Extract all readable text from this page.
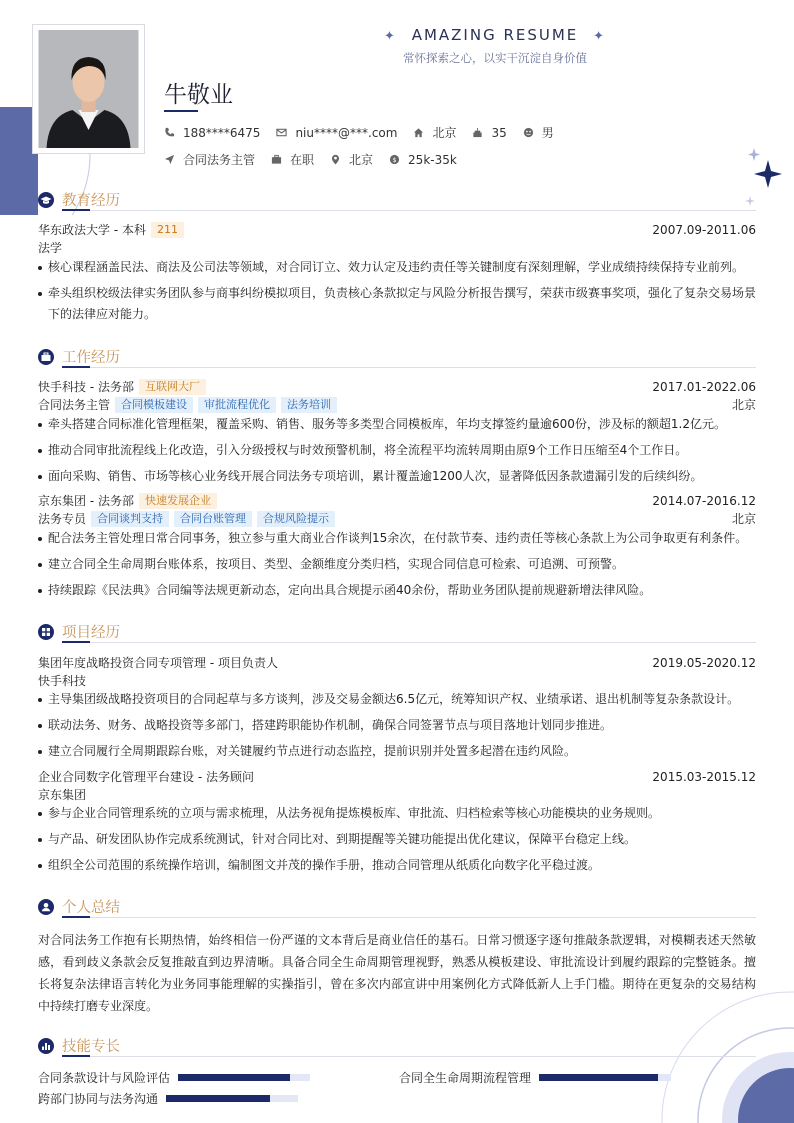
✦ AMAZING RESUME ✦
常怀探索之心，以实干沉淀自身价值
牛敬业
188****6475	niu****@***.com	北京	35	男
合同法务主管	在职	北京	$ 25k-35k
教育经历
华东政法大学 - 本科	211	2007.09-2011.06
法学
核心课程涵盖民法、商法及公司法等领域，对合同订立、效力认定及违约责任等关键制度有深刻理解，学业成绩持续保持专业前列。
牵头组织校级法律实务团队参与商事纠纷模拟项目，负责核心条款拟定与风险分析报告撰写，荣获市级赛事奖项，强化了复杂交易场景下的法律应对能力。
工作经历
快手科技 - 法务部	互联网大厂	2017.01-2022.06
合同法务主管	合同模板建设	审批流程优化	法务培训	北京
牵头搭建合同标准化管理框架，覆盖采购、销售、服务等多类型合同模板库，年均支撑签约量逾600份，涉及标的额超1.2亿元。
推动合同审批流程线上化改造，引入分级授权与时效预警机制，将全流程平均流转周期由原9个工作日压缩至4个工作日。
面向采购、销售、市场等核心业务线开展合同法务专项培训，累计覆盖逾1200人次，显著降低因条款遗漏引发的后续纠纷。
京东集团 - 法务部	快速发展企业	2014.07-2016.12
法务专员	合同谈判支持	合同台账管理	合规风险提示	北京
配合法务主管处理日常合同事务，独立参与重大商业合作谈判15余次，在付款节奏、违约责任等核心条款上为公司争取更有利条件。
建立合同全生命周期台账体系，按项目、类型、金额维度分类归档，实现合同信息可检索、可追溯、可预警。
持续跟踪《民法典》合同编等法规更新动态，定向出具合规提示函40余份，帮助业务团队提前规避新增法律风险。
项目经历
集团年度战略投资合同专项管理 - 项目负责人	2019.05-2020.12
快手科技
主导集团级战略投资项目的合同起草与多方谈判，涉及交易金额达6.5亿元，统筹知识产权、业绩承诺、退出机制等复杂条款设计。
联动法务、财务、战略投资等多部门，搭建跨职能协作机制，确保合同签署节点与项目落地计划同步推进。
建立合同履行全周期跟踪台账，对关键履约节点进行动态监控，提前识别并处置多起潜在违约风险。
企业合同数字化管理平台建设 - 法务顾问	2015.03-2015.12
京东集团
参与企业合同管理系统的立项与需求梳理，从法务视角提炼模板库、审批流、归档检索等核心功能模块的业务规则。
与产品、研发团队协作完成系统测试，针对合同比对、到期提醒等关键功能提出优化建议，保障平台稳定上线。
组织全公司范围的系统操作培训，编制图文并茂的操作手册，推动合同管理从纸质化向数字化平稳过渡。
个人总结
对合同法务工作抱有长期热情，始终相信一份严谨的文本背后是商业信任的基石。日常习惯逐字逐句推敲条款逻辑，对模糊表述天然敏感，看到歧义条款会反复推敲直到边界清晰。具备合同全生命周期管理视野，熟悉从模板建设、审批流设计到履约跟踪的完整链条。擅长将复杂法律语言转化为业务同事能理解的实操指引，曾在多次内部宣讲中用案例化方式降低新人上手门槛。期待在更复杂的交易结构中持续打磨专业深度。
技能专长
合同条款设计与风险评估	合同全生命周期流程管理
跨部门协同与法务沟通
